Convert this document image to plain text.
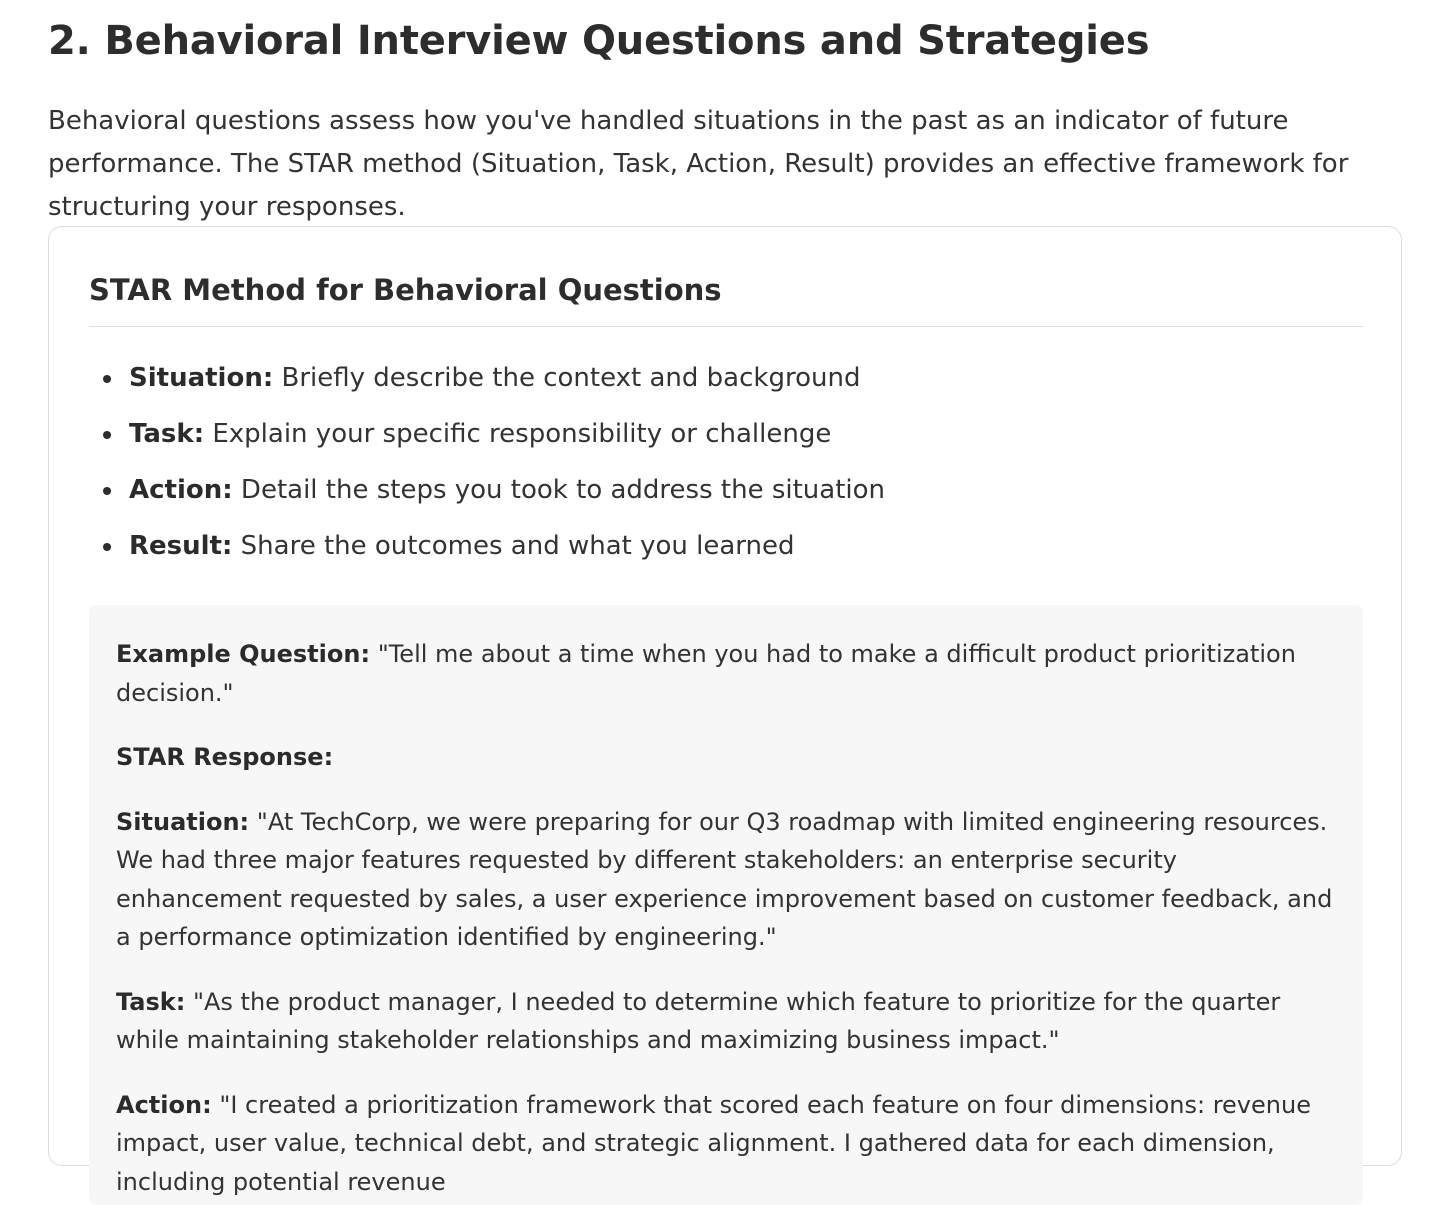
2. Behavioral Interview Questions and Strategies

Behavioral questions assess how you've handled situations in the past as an indicator of future performance. The STAR method (Situation, Task, Action, Result) provides an effective framework for structuring your responses.

STAR Method for Behavioral Questions
Situation: Briefly describe the context and background
Task: Explain your specific responsibility or challenge
Action: Detail the steps you took to address the situation
Result: Share the outcomes and what you learned

Example Question: "Tell me about a time when you had to make a difficult product prioritization decision."

STAR Response:

Situation: "At TechCorp, we were preparing for our Q3 roadmap with limited engineering resources. We had three major features requested by different stakeholders: an enterprise security enhancement requested by sales, a user experience improvement based on customer feedback, and a performance optimization identified by engineering."

Task: "As the product manager, I needed to determine which feature to prioritize for the quarter while maintaining stakeholder relationships and maximizing business impact."

Action: "I created a prioritization framework that scored each feature on four dimensions: revenue impact, user value, technical debt, and strategic alignment. I gathered data for each dimension, including potential revenue
